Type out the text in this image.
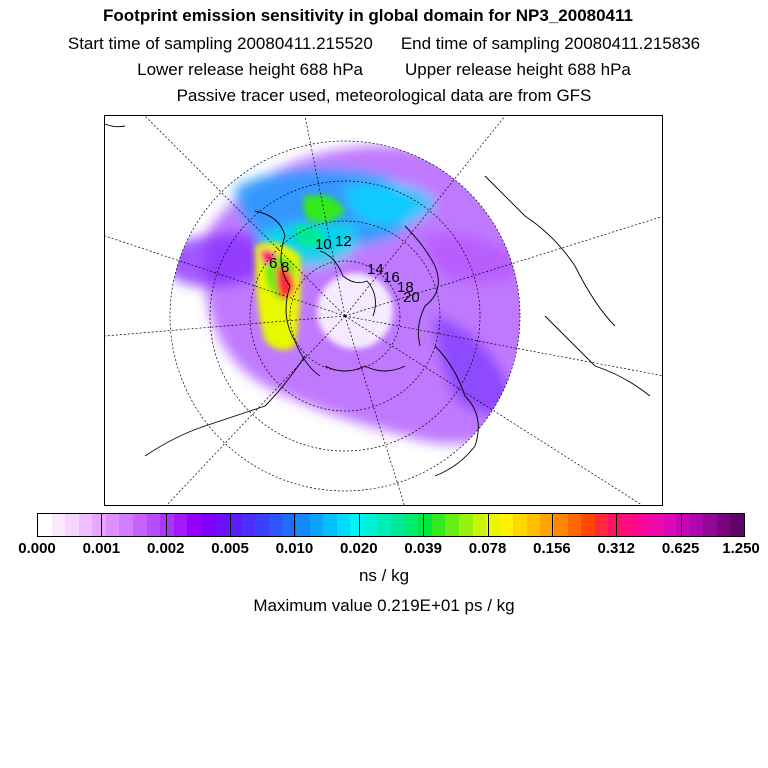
Footprint emission sensitivity in global domain for NP3_20080411
Start time of sampling 20080411.215520 End time of sampling 20080411.215836
Lower release height 688 hPa Upper release height 688 hPa
Passive tracer used, meteorological data are from GFS
6 8
10 12
14 16
18
20
0.000 0.001 0.002 0.005 0.010 0.020 0.039 0.078 0.156 0.312 0.625 1.250
ns / kg
Maximum value 0.219E+01 ps / kg
